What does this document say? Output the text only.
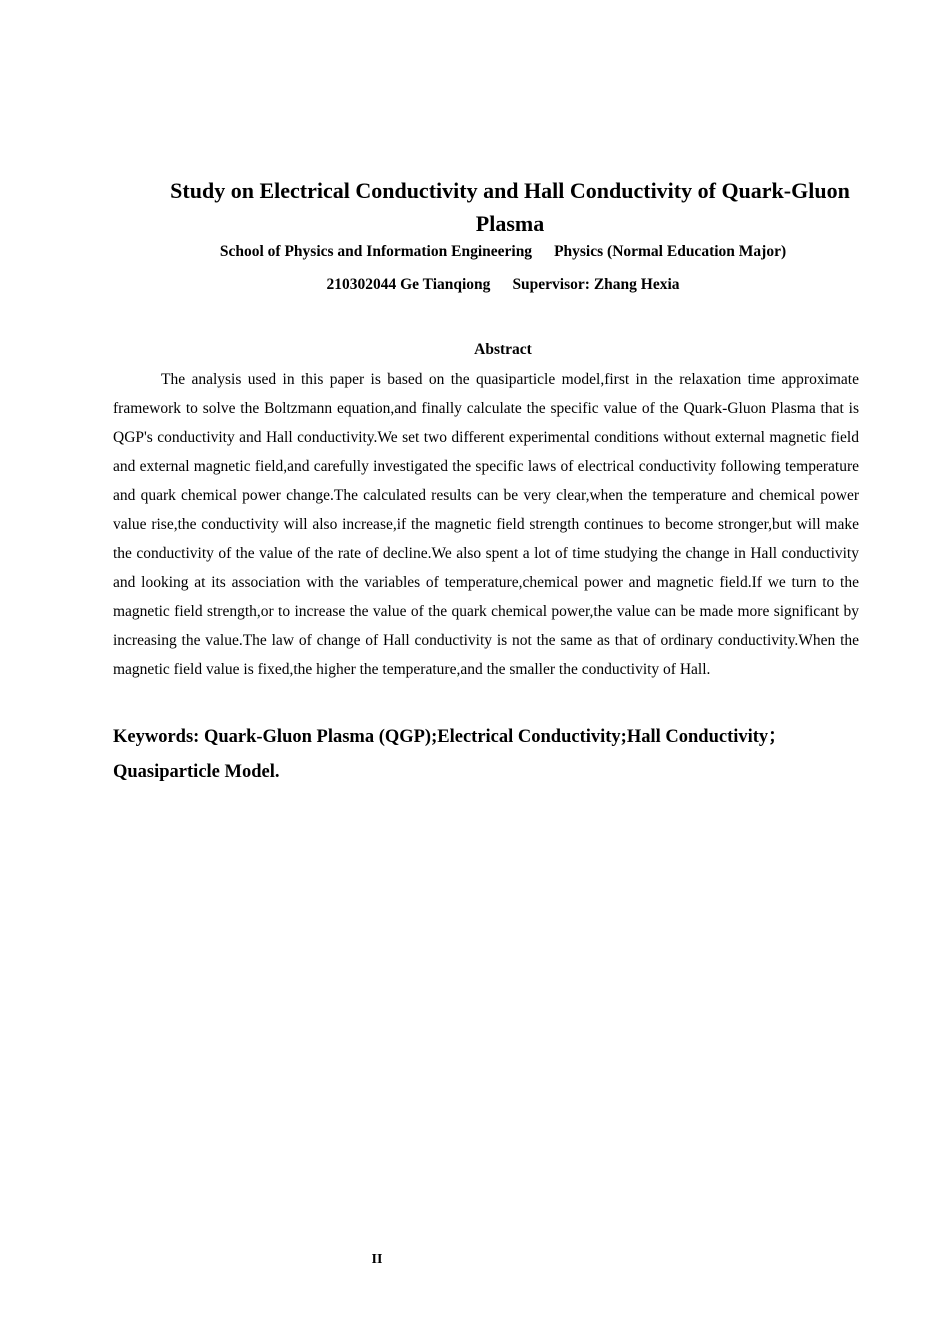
Study on Electrical Conductivity and Hall Conductivity of Quark-Gluon Plasma
School of Physics and Information Engineering Physics (Normal Education Major)
210302044 Ge Tianqiong Supervisor: Zhang Hexia
Abstract

The analysis used in this paper is based on the quasiparticle model,first in the relaxation time approximate framework to solve the Boltzmann equation,and finally calculate the specific value of the Quark-Gluon Plasma that is QGP's conductivity and Hall conductivity.We set two different experimental conditions without external magnetic field and external magnetic field,and carefully investigated the specific laws of electrical conductivity following temperature and quark chemical power change.The calculated results can be very clear,when the temperature and chemical power value rise,the conductivity will also increase,if the magnetic field strength continues to become stronger,but will make the conductivity of the value of the rate of decline.We also spent a lot of time studying the change in Hall conductivity and looking at its association with the variables of temperature,chemical power and magnetic field.If we turn to the magnetic field strength,or to increase the value of the quark chemical power,the value can be made more significant by increasing the value.The law of change of Hall conductivity is not the same as that of ordinary conductivity.When the magnetic field value is fixed,the higher the temperature,and the smaller the conductivity of Hall.

Keywords: Quark-Gluon Plasma (QGP);Electrical Conductivity;Hall Conductivity；Quasiparticle Model.

II
